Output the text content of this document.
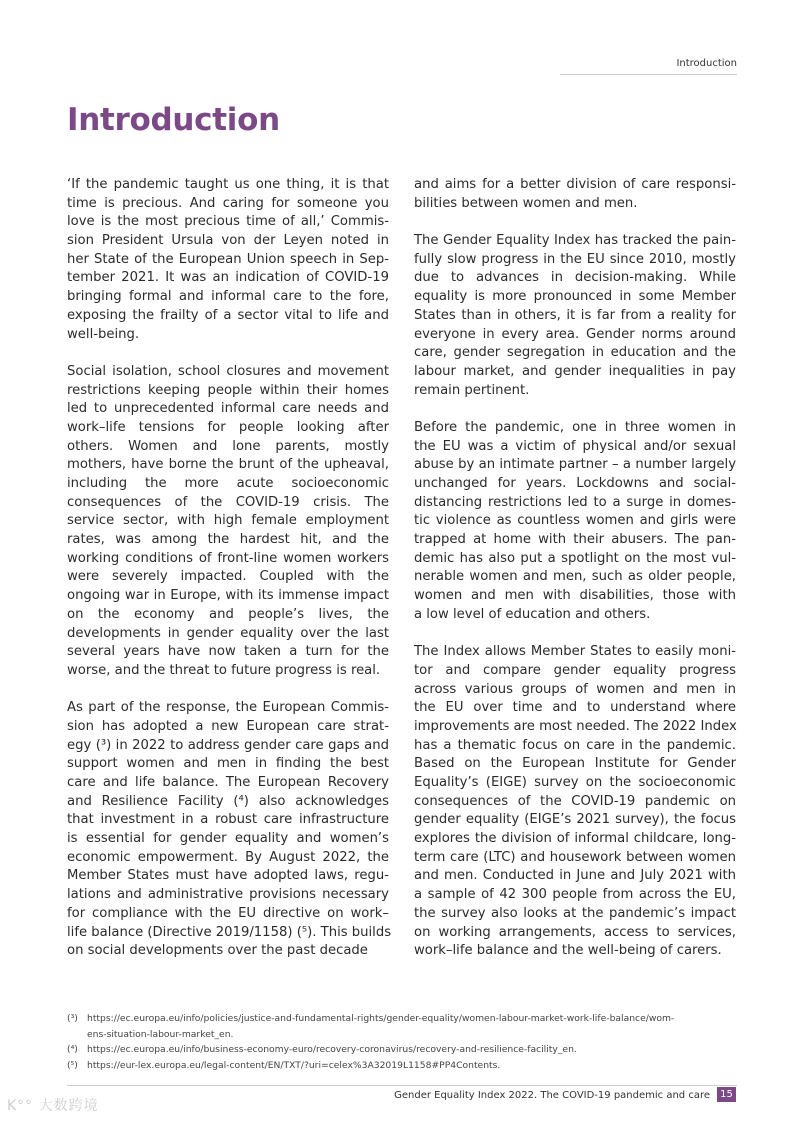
Introduction
Introduction

‘If the pandemic taught us one thing, it is that
time is precious. And caring for someone you
love is the most precious time of all,’ Commis-
sion President Ursula von der Leyen noted in
her State of the European Union speech in Sep-
tember 2021. It was an indication of COVID-19
bringing formal and informal care to the fore,
exposing the frailty of a sector vital to life and
well-being.

Social isolation, school closures and movement
restrictions keeping people within their homes
led to unprecedented informal care needs and
work–life tensions for people looking after
others. Women and lone parents, mostly
mothers, have borne the brunt of the upheaval,
including the more acute socioeconomic
consequences of the COVID-19 crisis. The
service sector, with high female employment
rates, was among the hardest hit, and the
working conditions of front-line women workers
were severely impacted. Coupled with the
ongoing war in Europe, with its immense impact
on the economy and people’s lives, the
developments in gender equality over the last
several years have now taken a turn for the
worse, and the threat to future progress is real.

As part of the response, the European Commis-
sion has adopted a new European care strat-
egy (³) in 2022 to address gender care gaps and
support women and men in finding the best
care and life balance. The European Recovery
and Resilience Facility (⁴) also acknowledges
that investment in a robust care infrastructure
is essential for gender equality and women’s
economic empowerment. By August 2022, the
Member States must have adopted laws, regu-
lations and administrative provisions necessary
for compliance with the EU directive on work–
life balance (Directive 2019/1158) (⁵). This builds
on social developments over the past decade

and aims for a better division of care responsi-
bilities between women and men.

The Gender Equality Index has tracked the pain-
fully slow progress in the EU since 2010, mostly
due to advances in decision-making. While
equality is more pronounced in some Member
States than in others, it is far from a reality for
everyone in every area. Gender norms around
care, gender segregation in education and the
labour market, and gender inequalities in pay
remain pertinent.

Before the pandemic, one in three women in
the EU was a victim of physical and/or sexual
abuse by an intimate partner – a number largely
unchanged for years. Lockdowns and social-
distancing restrictions led to a surge in domes-
tic violence as countless women and girls were
trapped at home with their abusers. The pan-
demic has also put a spotlight on the most vul-
nerable women and men, such as older people,
women and men with disabilities, those with
a low level of education and others.

The Index allows Member States to easily moni-
tor and compare gender equality progress
across various groups of women and men in
the EU over time and to understand where
improvements are most needed. The 2022 Index
has a thematic focus on care in the pandemic.
Based on the European Institute for Gender
Equality’s (EIGE) survey on the socioeconomic
consequences of the COVID-19 pandemic on
gender equality (EIGE’s 2021 survey), the focus
explores the division of informal childcare, long-
term care (LTC) and housework between women
and men. Conducted in June and July 2021 with
a sample of 42 300 people from across the EU,
the survey also looks at the pandemic’s impact
on working arrangements, access to services,
work–life balance and the well-being of carers.

(³) https://ec.europa.eu/info/policies/justice-and-fundamental-rights/gender-equality/women-labour-market-work-life-balance/wom-
ens-situation-labour-market_en.
(⁴) https://ec.europa.eu/info/business-economy-euro/recovery-coronavirus/recovery-and-resilience-facility_en.
(⁵) https://eur-lex.europa.eu/legal-content/EN/TXT/?uri=celex%3A32019L1158#PP4Contents.
Gender Equality Index 2022. The COVID-19 pandemic and care	15
K°° 大数跨境
